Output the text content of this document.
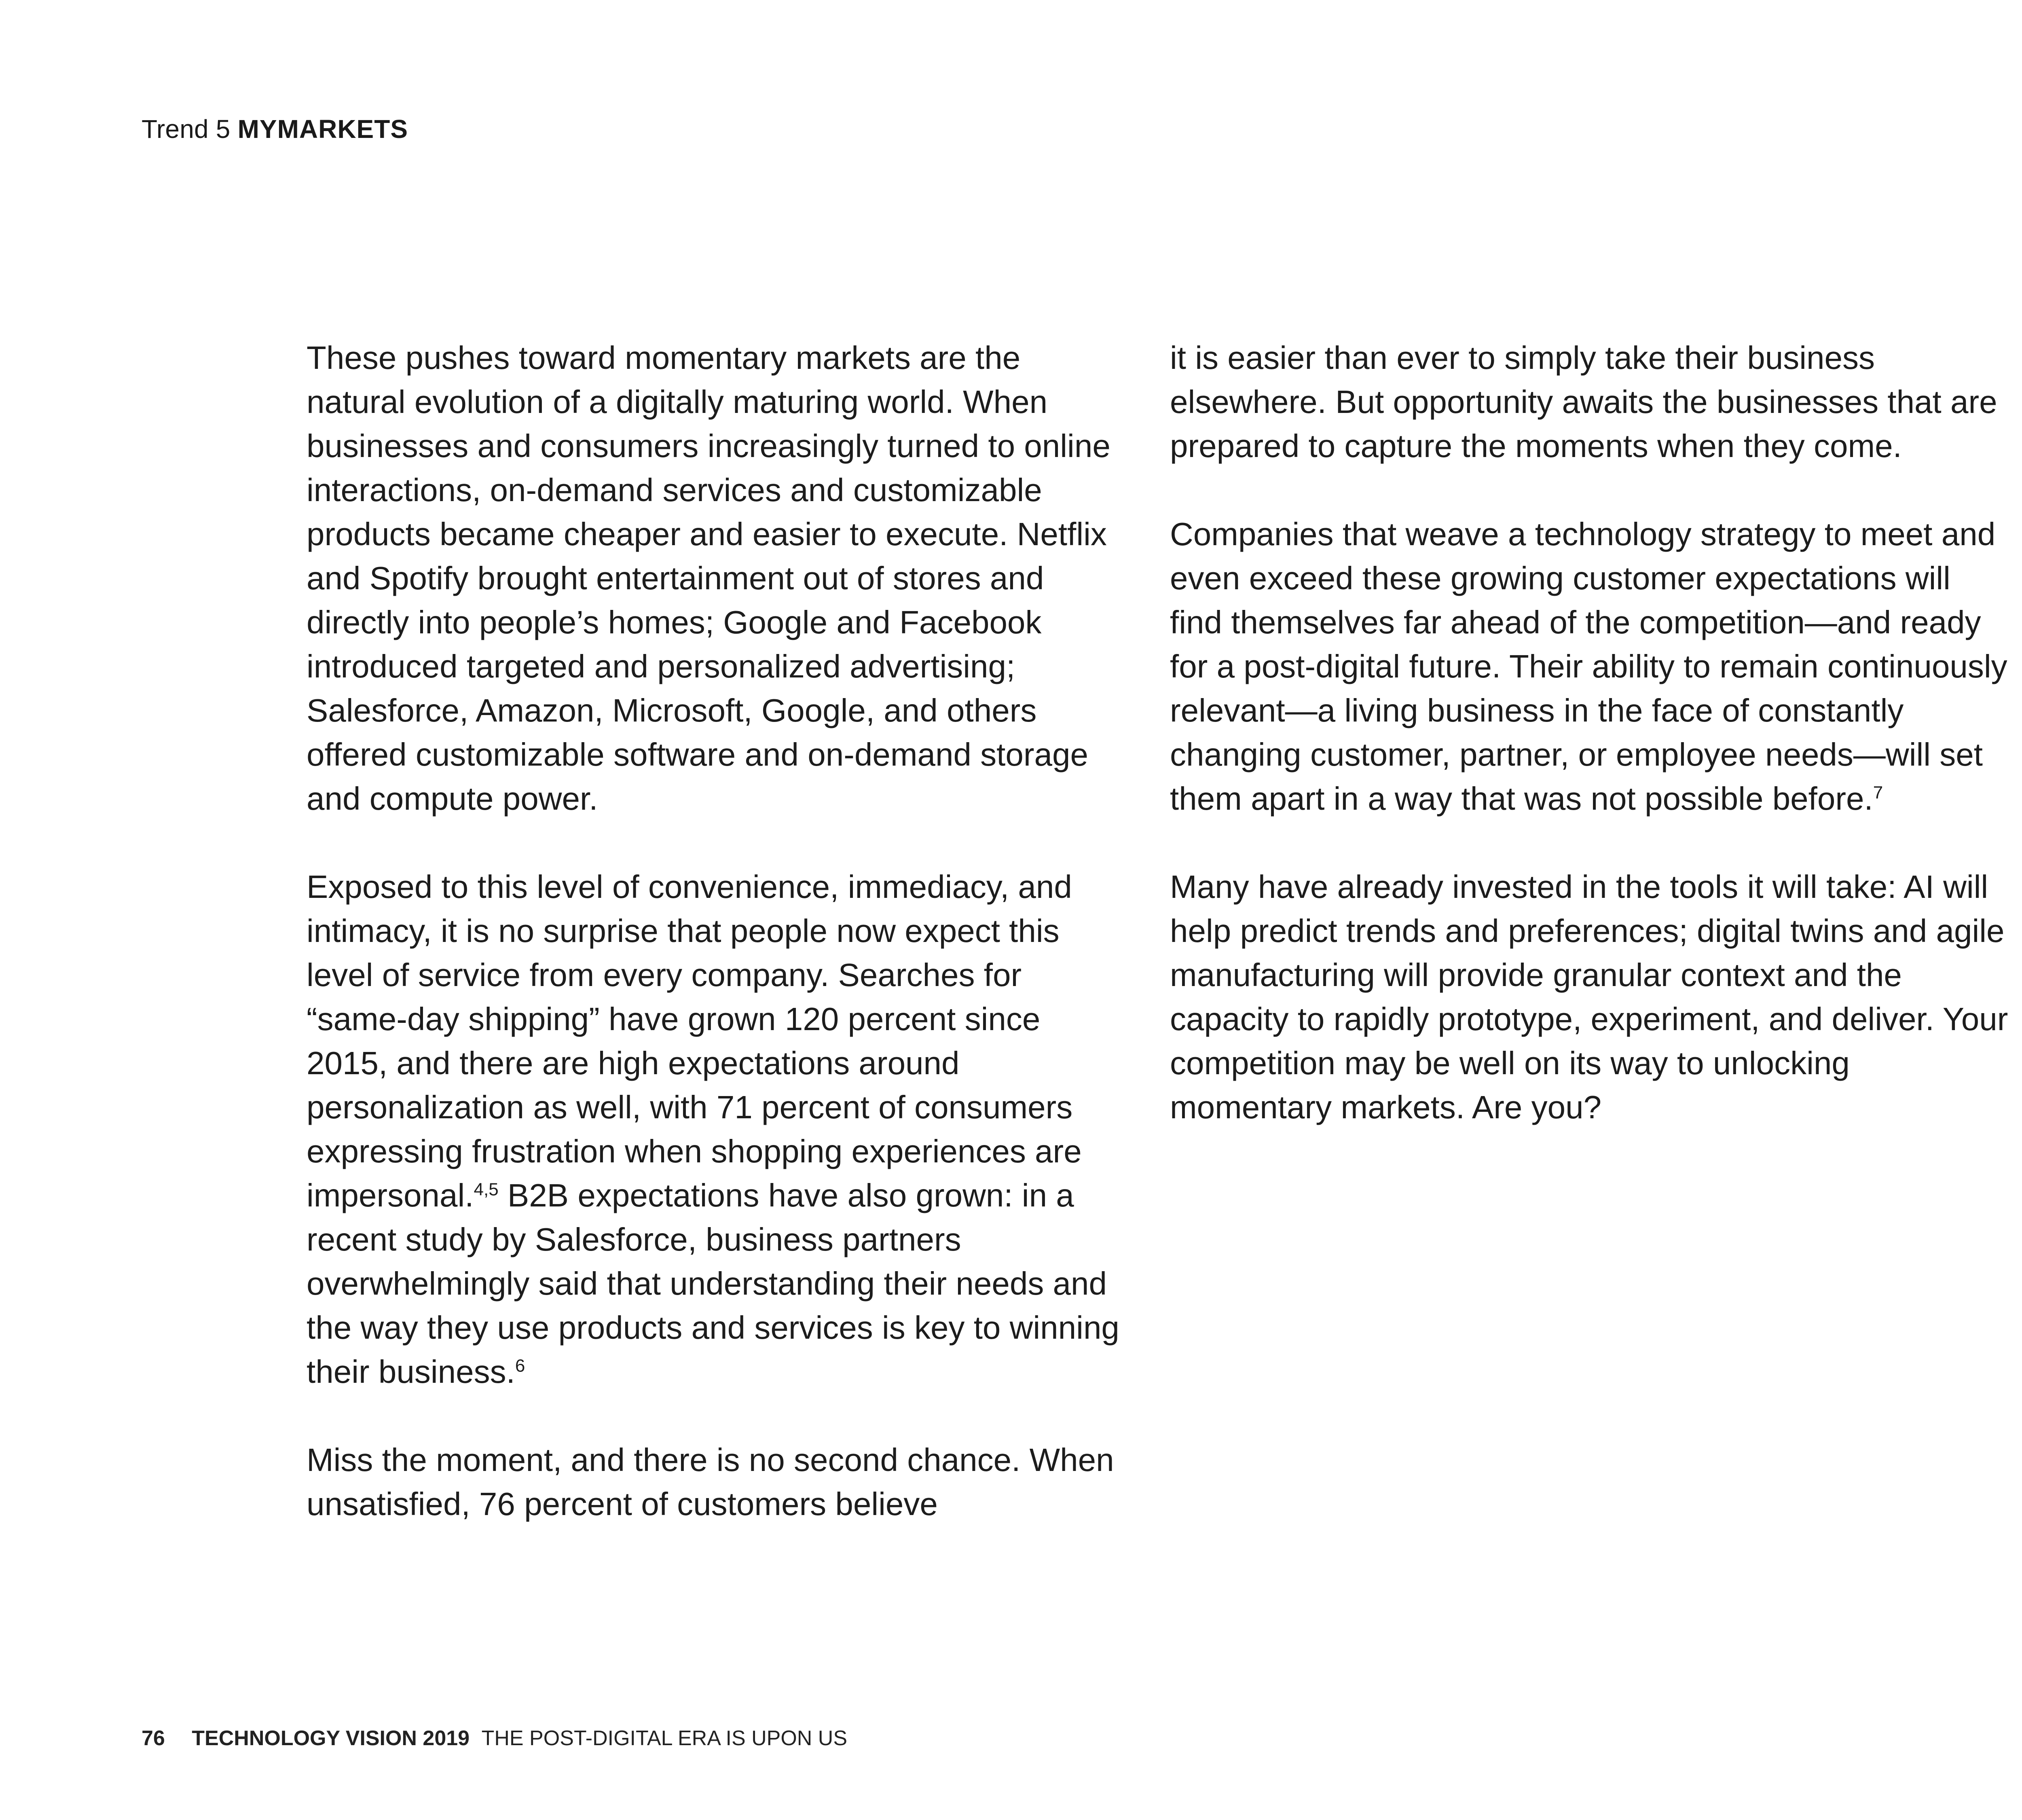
Trend 5 MYMARKETS

These pushes toward momentary markets are the natural evolution of a digitally maturing world. When businesses and consumers increasingly turned to online interactions, on-demand services and customizable products became cheaper and easier to execute. Netflix and Spotify brought entertainment out of stores and directly into people’s homes; Google and Facebook introduced targeted and personalized advertising; Salesforce, Amazon, Microsoft, Google, and others offered customizable software and on-demand storage and compute power.

Exposed to this level of convenience, immediacy, and intimacy, it is no surprise that people now expect this level of service from every company. Searches for “same-day shipping” have grown 120 percent since 2015, and there are high expectations around personalization as well, with 71 percent of consumers expressing frustration when shopping experiences are impersonal.$^{4,5}$ B2B expectations have also grown: in a recent study by Salesforce, business partners overwhelmingly said that understanding their needs and the way they use products and services is key to winning their business.$^6$

Miss the moment, and there is no second chance. When unsatisfied, 76 percent of customers believe

it is easier than ever to simply take their business elsewhere. But opportunity awaits the businesses that are prepared to capture the moments when they come.

Companies that weave a technology strategy to meet and even exceed these growing customer expectations will find themselves far ahead of the competition—and ready for a post-digital future. Their ability to remain continuously relevant—a living business in the face of constantly changing customer, partner, or employee needs—will set them apart in a way that was not possible before.$^7$

Many have already invested in the tools it will take: AI will help predict trends and preferences; digital twins and agile manufacturing will provide granular context and the capacity to rapidly prototype, experiment, and deliver. Your competition may be well on its way to unlocking momentary markets. Are you?

76 TECHNOLOGY VISION 2019 THE POST-DIGITAL ERA IS UPON US
